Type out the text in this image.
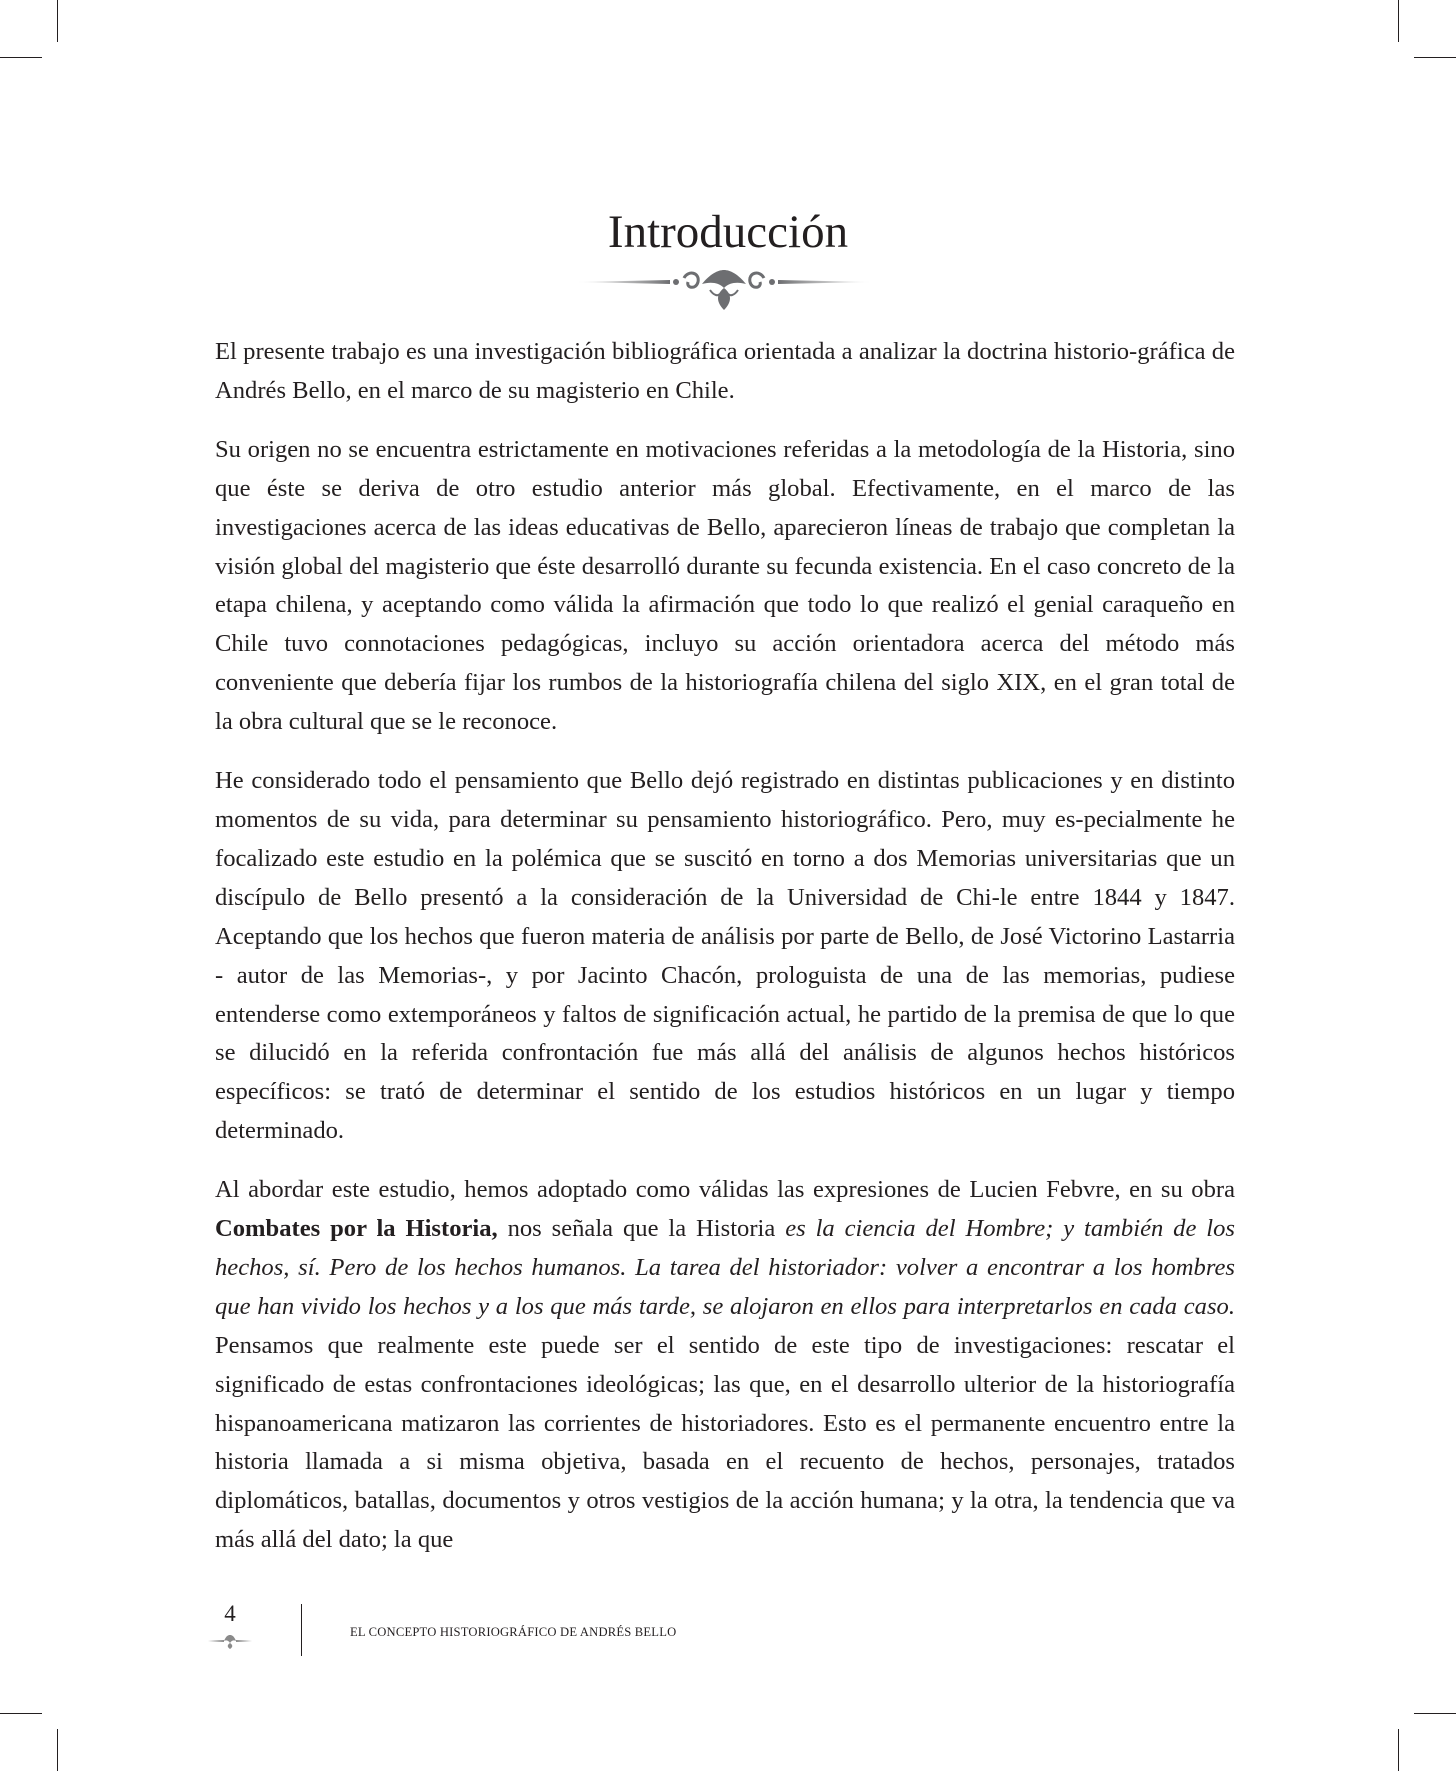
Introducción

El presente trabajo es una investigación bibliográfica orientada a analizar la doctrina historio-gráfica de Andrés Bello, en el marco de su magisterio en Chile.

Su origen no se encuentra estrictamente en motivaciones referidas a la metodología de la Historia, sino que éste se deriva de otro estudio anterior más global. Efectivamente, en el marco de las investigaciones acerca de las ideas educativas de Bello, aparecieron líneas de trabajo que completan la visión global del magisterio que éste desarrolló durante su fecunda existencia. En el caso concreto de la etapa chilena, y aceptando como válida la afirmación que todo lo que realizó el genial caraqueño en Chile tuvo connotaciones pedagógicas, incluyo su acción orientadora acerca del método más conveniente que debería fijar los rumbos de la historiografía chilena del siglo XIX, en el gran total de la obra cultural que se le reconoce.

He considerado todo el pensamiento que Bello dejó registrado en distintas publicaciones y en distinto momentos de su vida, para determinar su pensamiento historiográfico. Pero, muy es-pecialmente he focalizado este estudio en la polémica que se suscitó en torno a dos Memorias universitarias que un discípulo de Bello presentó a la consideración de la Universidad de Chi-le entre 1844 y 1847. Aceptando que los hechos que fueron materia de análisis por parte de Bello, de José Victorino Lastarria - autor de las Memorias-, y por Jacinto Chacón, prologuista de una de las memorias, pudiese entenderse como extemporáneos y faltos de significación actual, he partido de la premisa de que lo que se dilucidó en la referida confrontación fue más allá del análisis de algunos hechos históricos específicos: se trató de determinar el sentido de los estudios históricos en un lugar y tiempo determinado.

Al abordar este estudio, hemos adoptado como válidas las expresiones de Lucien Febvre, en su obra Combates por la Historia, nos señala que la Historia es la ciencia del Hombre; y también de los hechos, sí. Pero de los hechos humanos. La tarea del historiador: volver a encontrar a los hombres que han vivido los hechos y a los que más tarde, se alojaron en ellos para interpretarlos en cada caso. Pensamos que realmente este puede ser el sentido de este tipo de investigaciones: rescatar el significado de estas confrontaciones ideológicas; las que, en el desarrollo ulterior de la historiografía hispanoamericana matizaron las corrientes de historiadores. Esto es el permanente encuentro entre la historia llamada a si misma objetiva, basada en el recuento de hechos, personajes, tratados diplomáticos, batallas, documentos y otros vestigios de la acción humana; y la otra, la tendencia que va más allá del dato; la que

4
EL CONCEPTO HISTORIOGRÁFICO DE ANDRÉS BELLO
